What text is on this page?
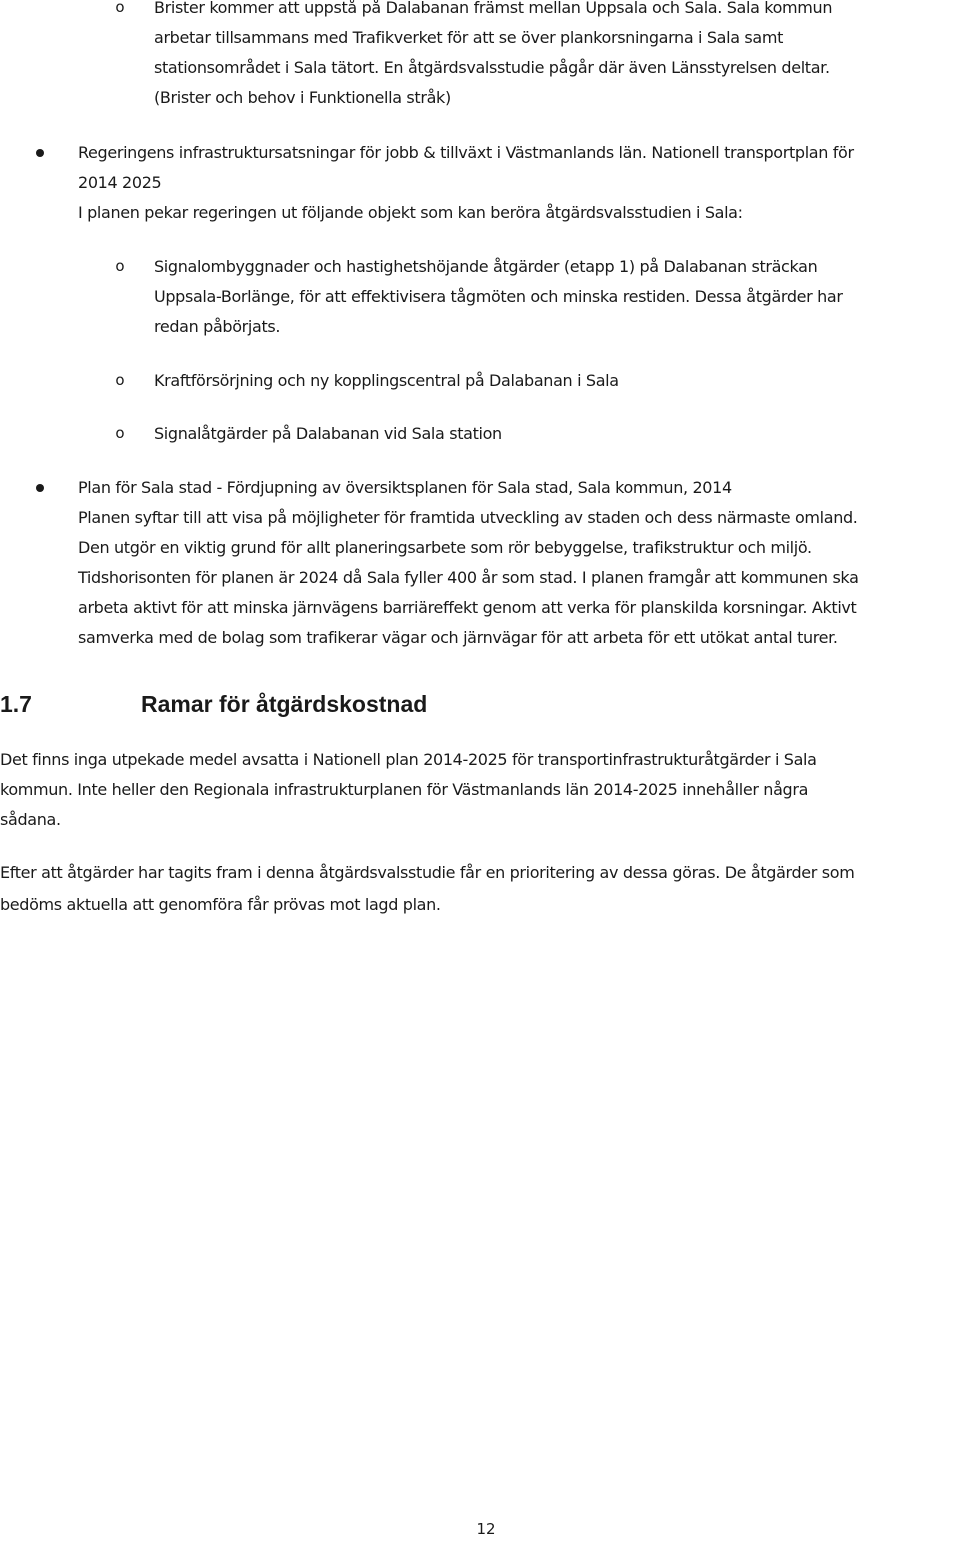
o Brister kommer att uppstå på Dalabanan främst mellan Uppsala och Sala. Sala kommun
arbetar tillsammans med Trafikverket för att se över plankorsningarna i Sala samt
stationsområdet i Sala tätort. En åtgärdsvalsstudie pågår där även Länsstyrelsen deltar.
(Brister och behov i Funktionella stråk)
Regeringens infrastruktursatsningar för jobb & tillväxt i Västmanlands län. Nationell transportplan för
2014 2025
I planen pekar regeringen ut följande objekt som kan beröra åtgärdsvalsstudien i Sala:
o Signalombyggnader och hastighetshöjande åtgärder (etapp 1) på Dalabanan sträckan
Uppsala-Borlänge, för att effektivisera tågmöten och minska restiden. Dessa åtgärder har
redan påbörjats.
o Kraftförsörjning och ny kopplingscentral på Dalabanan i Sala
o Signalåtgärder på Dalabanan vid Sala station
Plan för Sala stad - Fördjupning av översiktsplanen för Sala stad, Sala kommun, 2014
Planen syftar till att visa på möjligheter för framtida utveckling av staden och dess närmaste omland.
Den utgör en viktig grund för allt planeringsarbete som rör bebyggelse, trafikstruktur och miljö.
Tidshorisonten för planen är 2024 då Sala fyller 400 år som stad. I planen framgår att kommunen ska
arbeta aktivt för att minska järnvägens barriäreffekt genom att verka för planskilda korsningar. Aktivt
samverka med de bolag som trafikerar vägar och järnvägar för att arbeta för ett utökat antal turer.
1.7	Ramar för åtgärdskostnad
Det finns inga utpekade medel avsatta i Nationell plan 2014-2025 för transportinfrastrukturåtgärder i Sala
kommun. Inte heller den Regionala infrastrukturplanen för Västmanlands län 2014-2025 innehåller några
sådana.
Efter att åtgärder har tagits fram i denna åtgärdsvalsstudie får en prioritering av dessa göras. De åtgärder som
bedöms aktuella att genomföra får prövas mot lagd plan.
12
